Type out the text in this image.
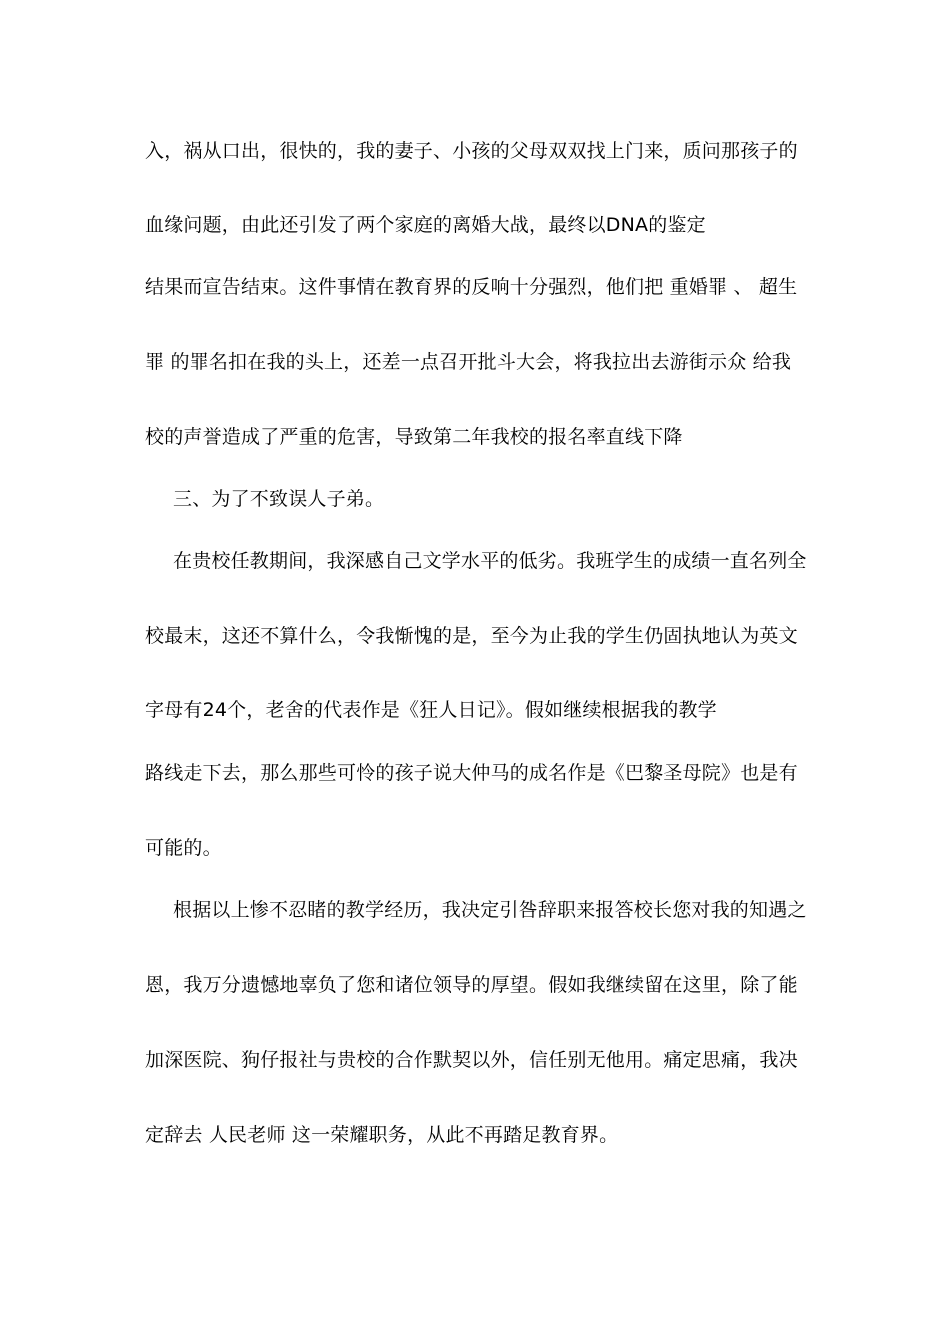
入，祸从口出，很快的，我的妻子、小孩的父母双双找上门来，质问那孩子的
血缘问题，由此还引发了两个家庭的离婚大战，最终以DNA的鉴定
结果而宣告结束。这件事情在教育界的反响十分强烈，他们把 重婚罪 、 超生
罪 的罪名扣在我的头上，还差一点召开批斗大会，将我拉出去游街示众 给我
校的声誉造成了严重的危害，导致第二年我校的报名率直线下降
三、为了不致误人子弟。
在贵校任教期间，我深感自己文学水平的低劣。我班学生的成绩一直名列全
校最末，这还不算什么，令我惭愧的是，至今为止我的学生仍固执地认为英文
字母有24个，老舍的代表作是《狂人日记》。假如继续根据我的教学
路线走下去，那么那些可怜的孩子说大仲马的成名作是《巴黎圣母院》也是有
可能的。
根据以上惨不忍睹的教学经历，我决定引咎辞职来报答校长您对我的知遇之
恩，我万分遗憾地辜负了您和诸位领导的厚望。假如我继续留在这里，除了能
加深医院、狗仔报社与贵校的合作默契以外，信任别无他用。痛定思痛，我决
定辞去 人民老师 这一荣耀职务，从此不再踏足教育界。
